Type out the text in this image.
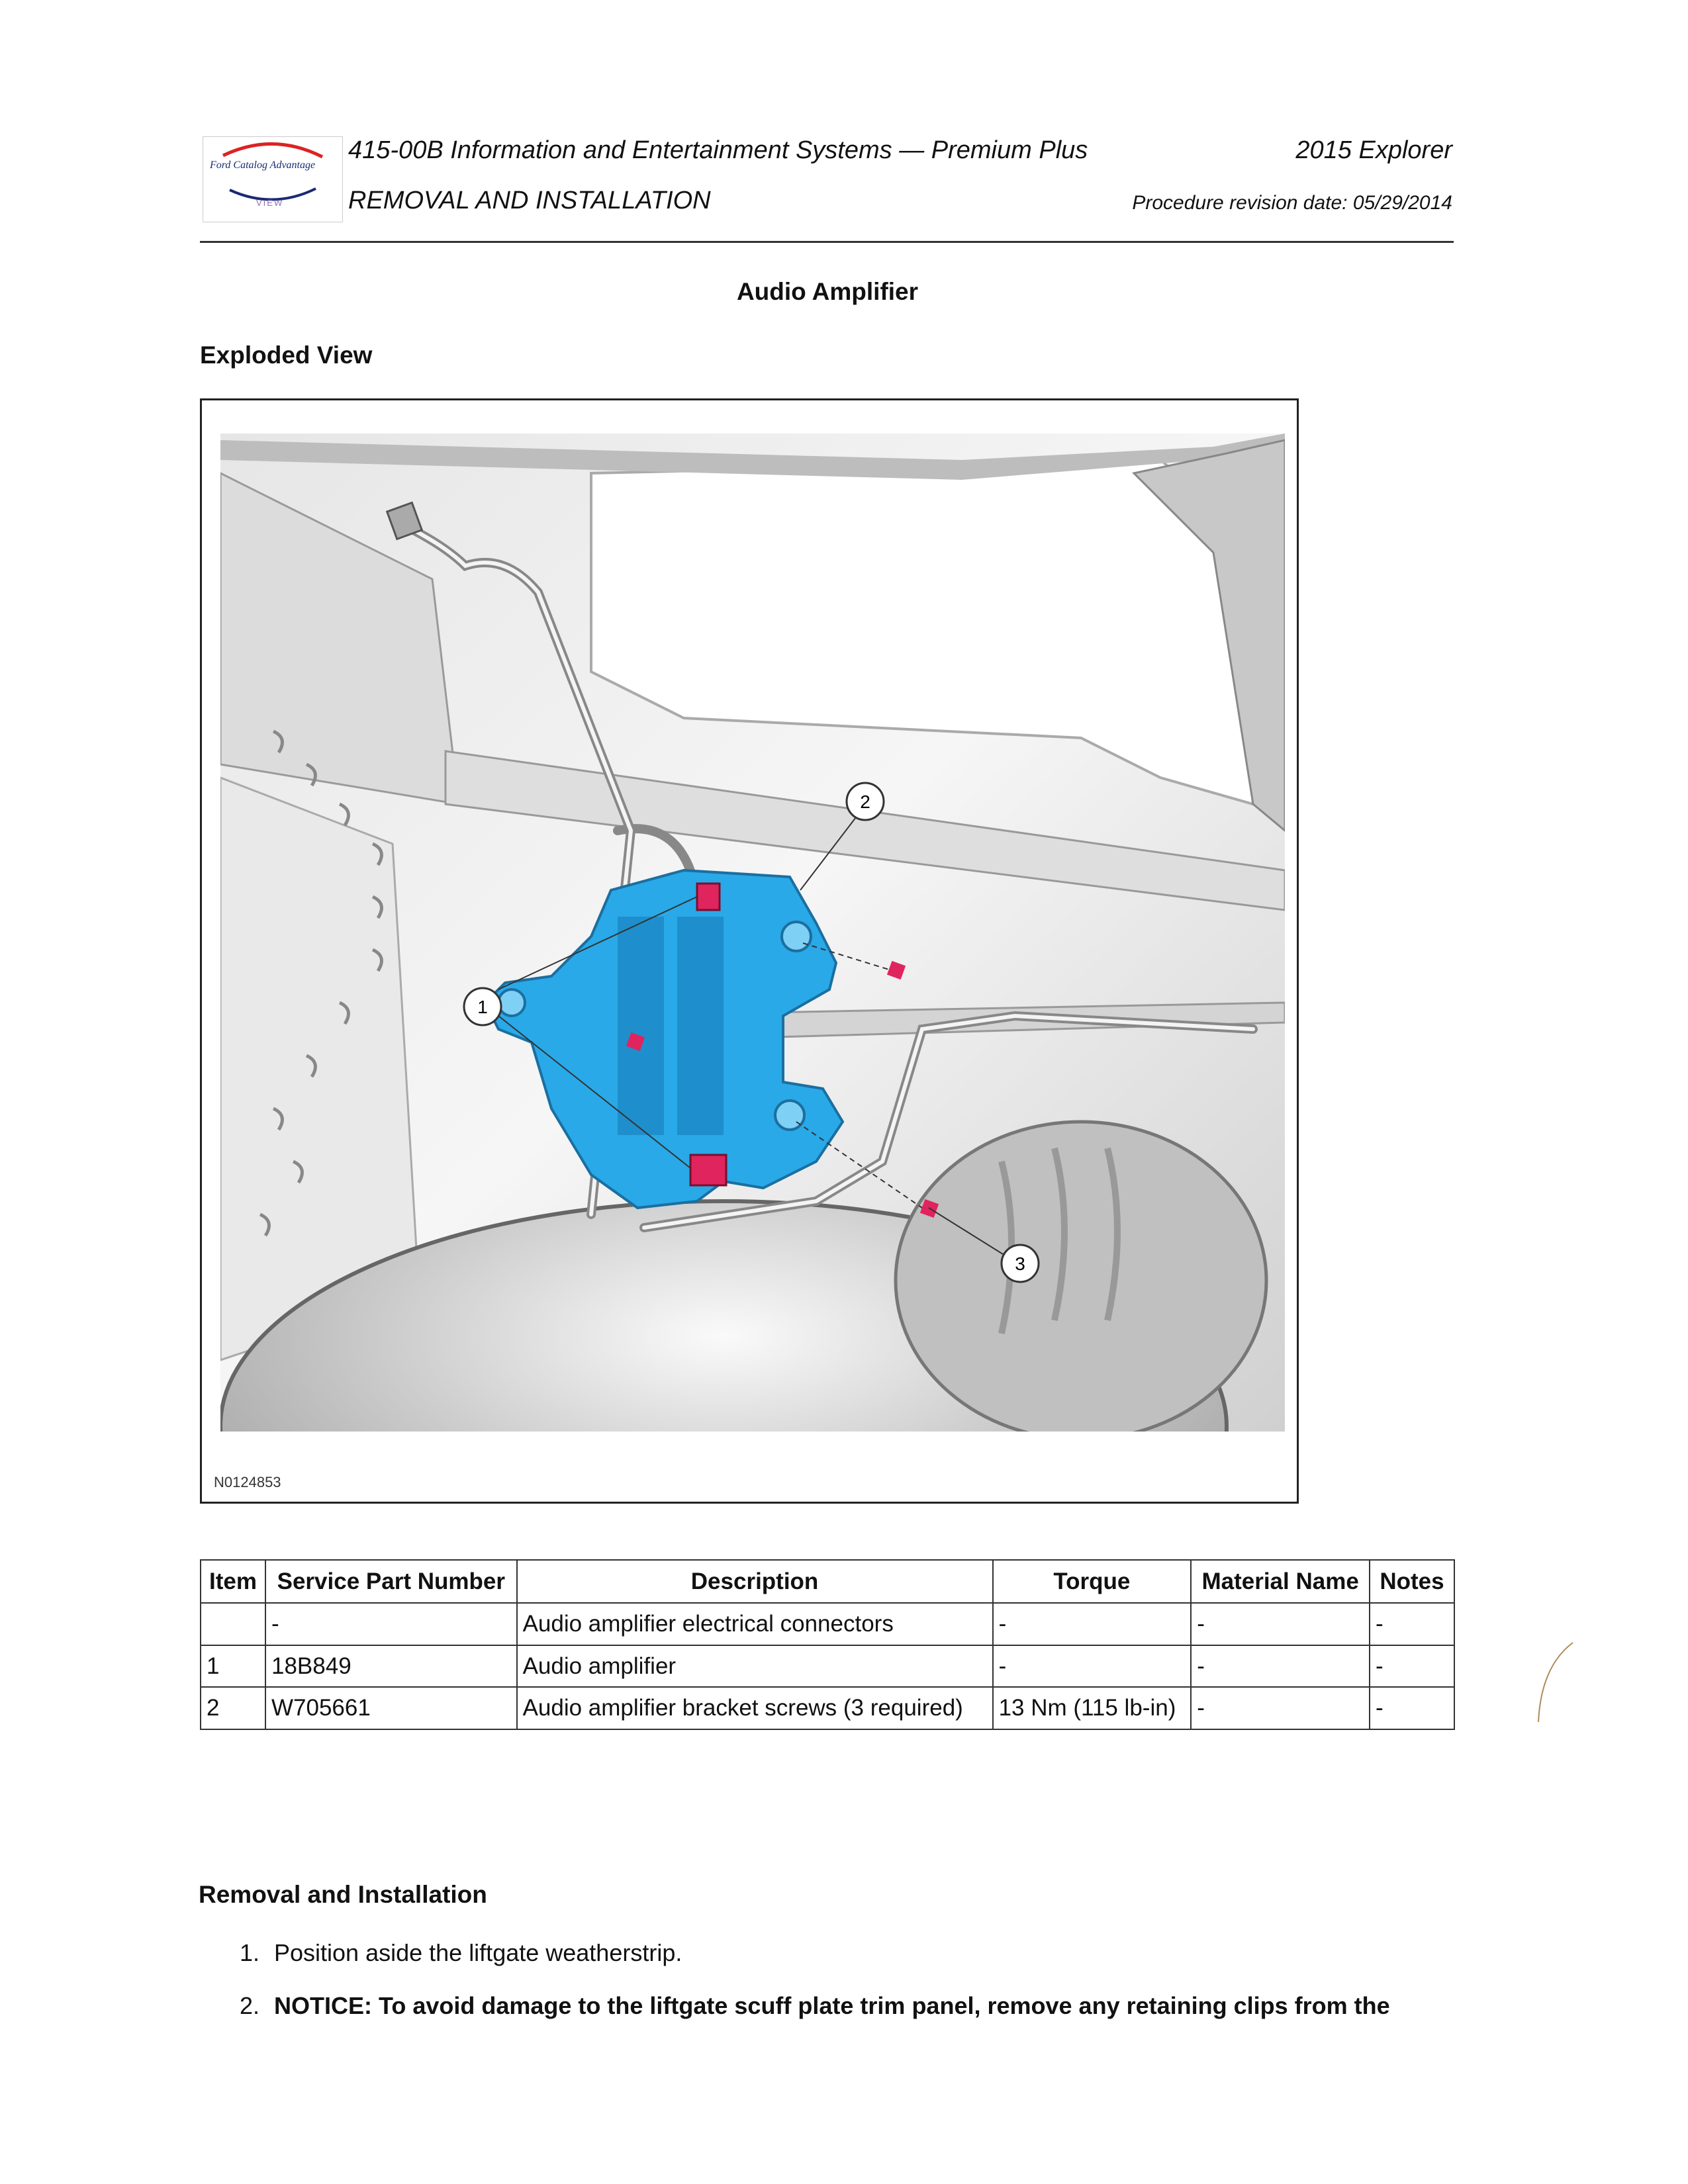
Ford Catalog Advantage
VIEW
415-00B Information and Entertainment Systems — Premium Plus
REMOVAL AND INSTALLATION
2015 Explorer
Procedure revision date: 05/29/2014
Audio Amplifier
Exploded View
2
1
3
N0124853
Item	Service Part Number	Description	Torque	Material Name	Notes
	-	Audio amplifier electrical connectors	-	-	-
1	18B849	Audio amplifier	-	-	-
2	W705661	Audio amplifier bracket screws (3 required)	13 Nm (115 lb-in)	-	-
Removal and Installation
1. Position aside the liftgate weatherstrip.
2. NOTICE: To avoid damage to the liftgate scuff plate trim panel, remove any retaining clips from the
